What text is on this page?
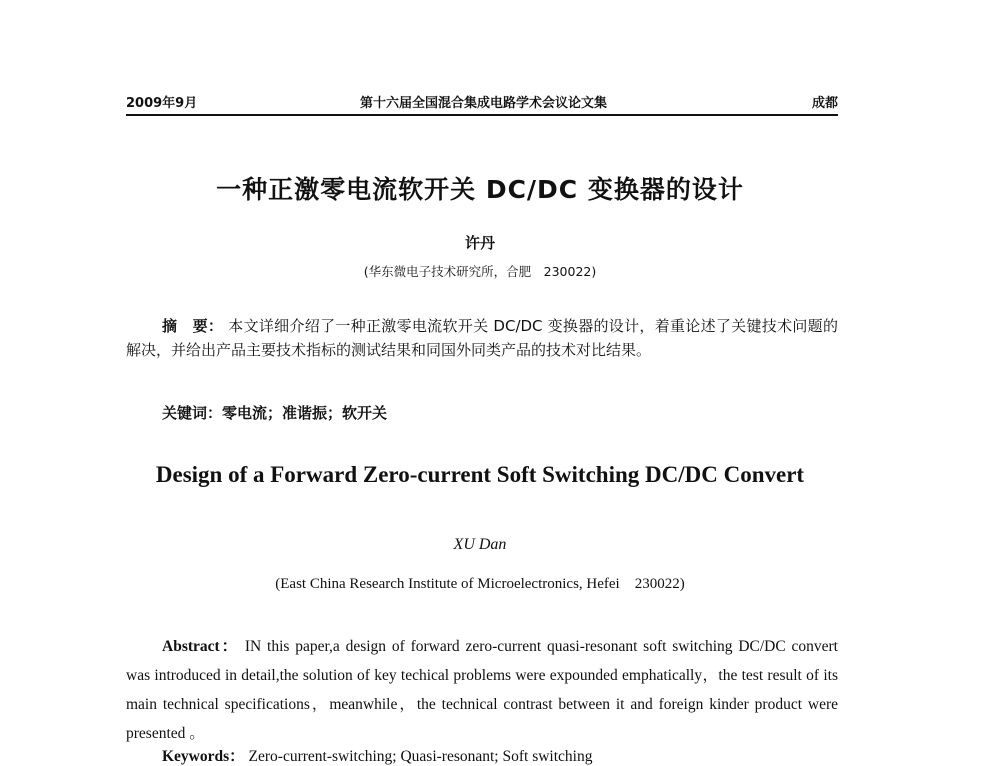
2009年9月	第十六届全国混合集成电路学术会议论文集	成都
一种正激零电流软开关 DC/DC 变换器的设计
许丹
(华东微电子技术研究所，合肥　230022)
摘　要： 本文详细介绍了一种正激零电流软开关 DC/DC 变换器的设计，着重论述了关键技术问题的解决，并给出产品主要技术指标的测试结果和同国外同类产品的技术对比结果。
关键词：零电流；准谐振；软开关
Design of a Forward Zero-current Soft Switching DC/DC Convert
XU Dan
(East China Research Institute of Microelectronics, Hefei　230022)
Abstract： IN this paper,a design of forward zero-current quasi-resonant soft switching DC/DC convert was introduced in detail,the solution of key techical problems were expounded emphatically，the test result of its main technical specifications，meanwhile，the technical contrast between it and foreign kinder product were presented 。
Keywords： Zero-current-switching; Quasi-resonant; Soft switching
